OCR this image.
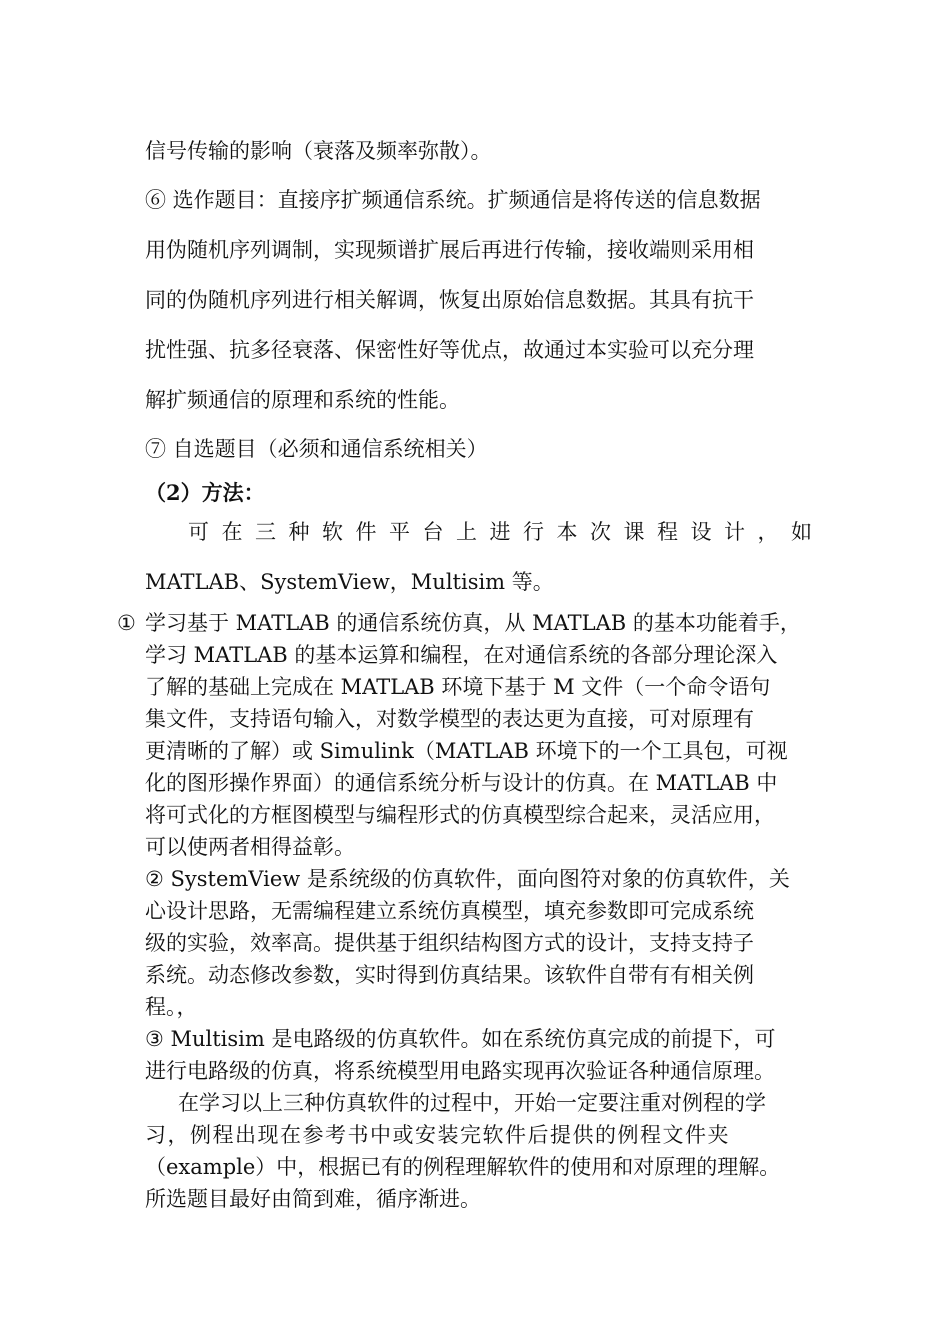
信号传输的影响（衰落及频率弥散）。
⑥ 选作题目：直接序扩频通信系统。扩频通信是将传送的信息数据
用伪随机序列调制，实现频谱扩展后再进行传输，接收端则采用相
同的伪随机序列进行相关解调，恢复出原始信息数据。其具有抗干
扰性强、抗多径衰落、保密性好等优点，故通过本实验可以充分理
解扩频通信的原理和系统的性能。
⑦ 自选题目（必须和通信系统相关）
（2）方法：
可在三种软件平台上进行本次课程设计，如
MATLAB、SystemView，Multisim 等。
① 学习基于 MATLAB 的通信系统仿真，从 MATLAB 的基本功能着手，
学习 MATLAB 的基本运算和编程，在对通信系统的各部分理论深入
了解的基础上完成在 MATLAB 环境下基于 M 文件（一个命令语句
集文件，支持语句输入，对数学模型的表达更为直接，可对原理有
更清晰的了解）或 Simulink（MATLAB 环境下的一个工具包，可视
化的图形操作界面）的通信系统分析与设计的仿真。在 MATLAB 中
将可式化的方框图模型与编程形式的仿真模型综合起来，灵活应用，
可以使两者相得益彰。
② SystemView 是系统级的仿真软件，面向图符对象的仿真软件，关
心设计思路，无需编程建立系统仿真模型，填充参数即可完成系统
级的实验，效率高。提供基于组织结构图方式的设计，支持支持子
系统。动态修改参数，实时得到仿真结果。该软件自带有有相关例
程。，
③ Multisim 是电路级的仿真软件。如在系统仿真完成的前提下，可
进行电路级的仿真，将系统模型用电路实现再次验证各种通信原理。
在学习以上三种仿真软件的过程中，开始一定要注重对例程的学
习，例程出现在参考书中或安装完软件后提供的例程文件夹
（example）中，根据已有的例程理解软件的使用和对原理的理解。
所选题目最好由简到难，循序渐进。
